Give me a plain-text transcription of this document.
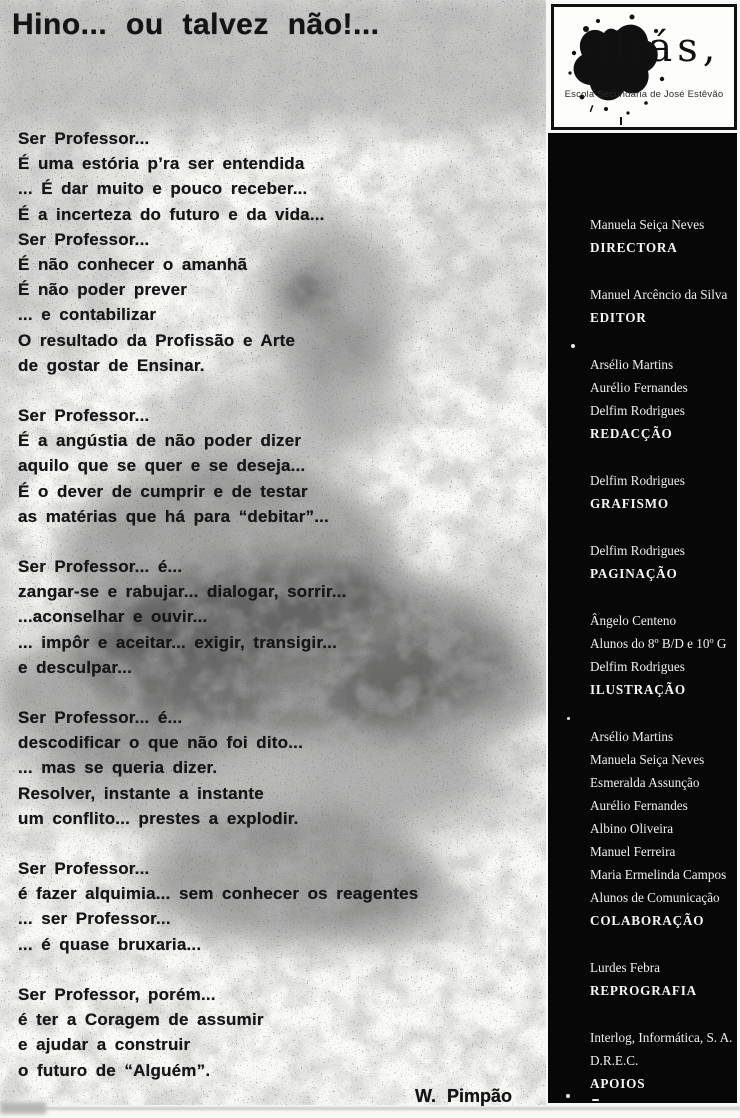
Hino... ou talvez não!...
Ser Professor...
É uma estória p’ra ser entendida
... É dar muito e pouco receber...
É a incerteza do futuro e da vida...
Ser Professor...
É não conhecer o amanhã
É não poder prever
... e contabilizar
O resultado da Profissão e Arte
de gostar de Ensinar.
Ser Professor...
É a angústia de não poder dizer
aquilo que se quer e se deseja...
É o dever de cumprir e de testar
as matérias que há para “debitar”...
Ser Professor... é...
zangar-se e rabujar... dialogar, sorrir...
...aconselhar e ouvir...
... impôr e aceitar... exigir, transigir...
e desculpar...
Ser Professor... é...
descodificar o que não foi dito...
... mas se queria dizer.
Resolver, instante a instante
um conflito... prestes a explodir.
Ser Professor...
é fazer alquimia... sem conhecer os reagentes
... ser Professor...
... é quase bruxaria...
Ser Professor, porém...
é ter a Coragem de assumir
e ajudar a construir
o futuro de “Alguém”.
W. Pimpão
aliás,
Escola Secundária de José Estêvão
Manuela Seiça Neves
DIRECTORA
Manuel Arcêncio da Silva
EDITOR
Arsélio Martins
Aurélio Fernandes
Delfim Rodrigues
REDACÇÃO
Delfim Rodrigues
GRAFISMO
Delfim Rodrigues
PAGINAÇÃO
Ângelo Centeno
Alunos do 8º B/D e 10º G
Delfim Rodrigues
ILUSTRAÇÃO
Arsélio Martins
Manuela Seiça Neves
Esmeralda Assunção
Aurélio Fernandes
Albino Oliveira
Manuel Ferreira
Maria Ermelinda Campos
Alunos de Comunicação
COLABORAÇÃO
Lurdes Febra
REPROGRAFIA
Interlog, Informática, S. A.
D.R.E.C.
APOIOS
